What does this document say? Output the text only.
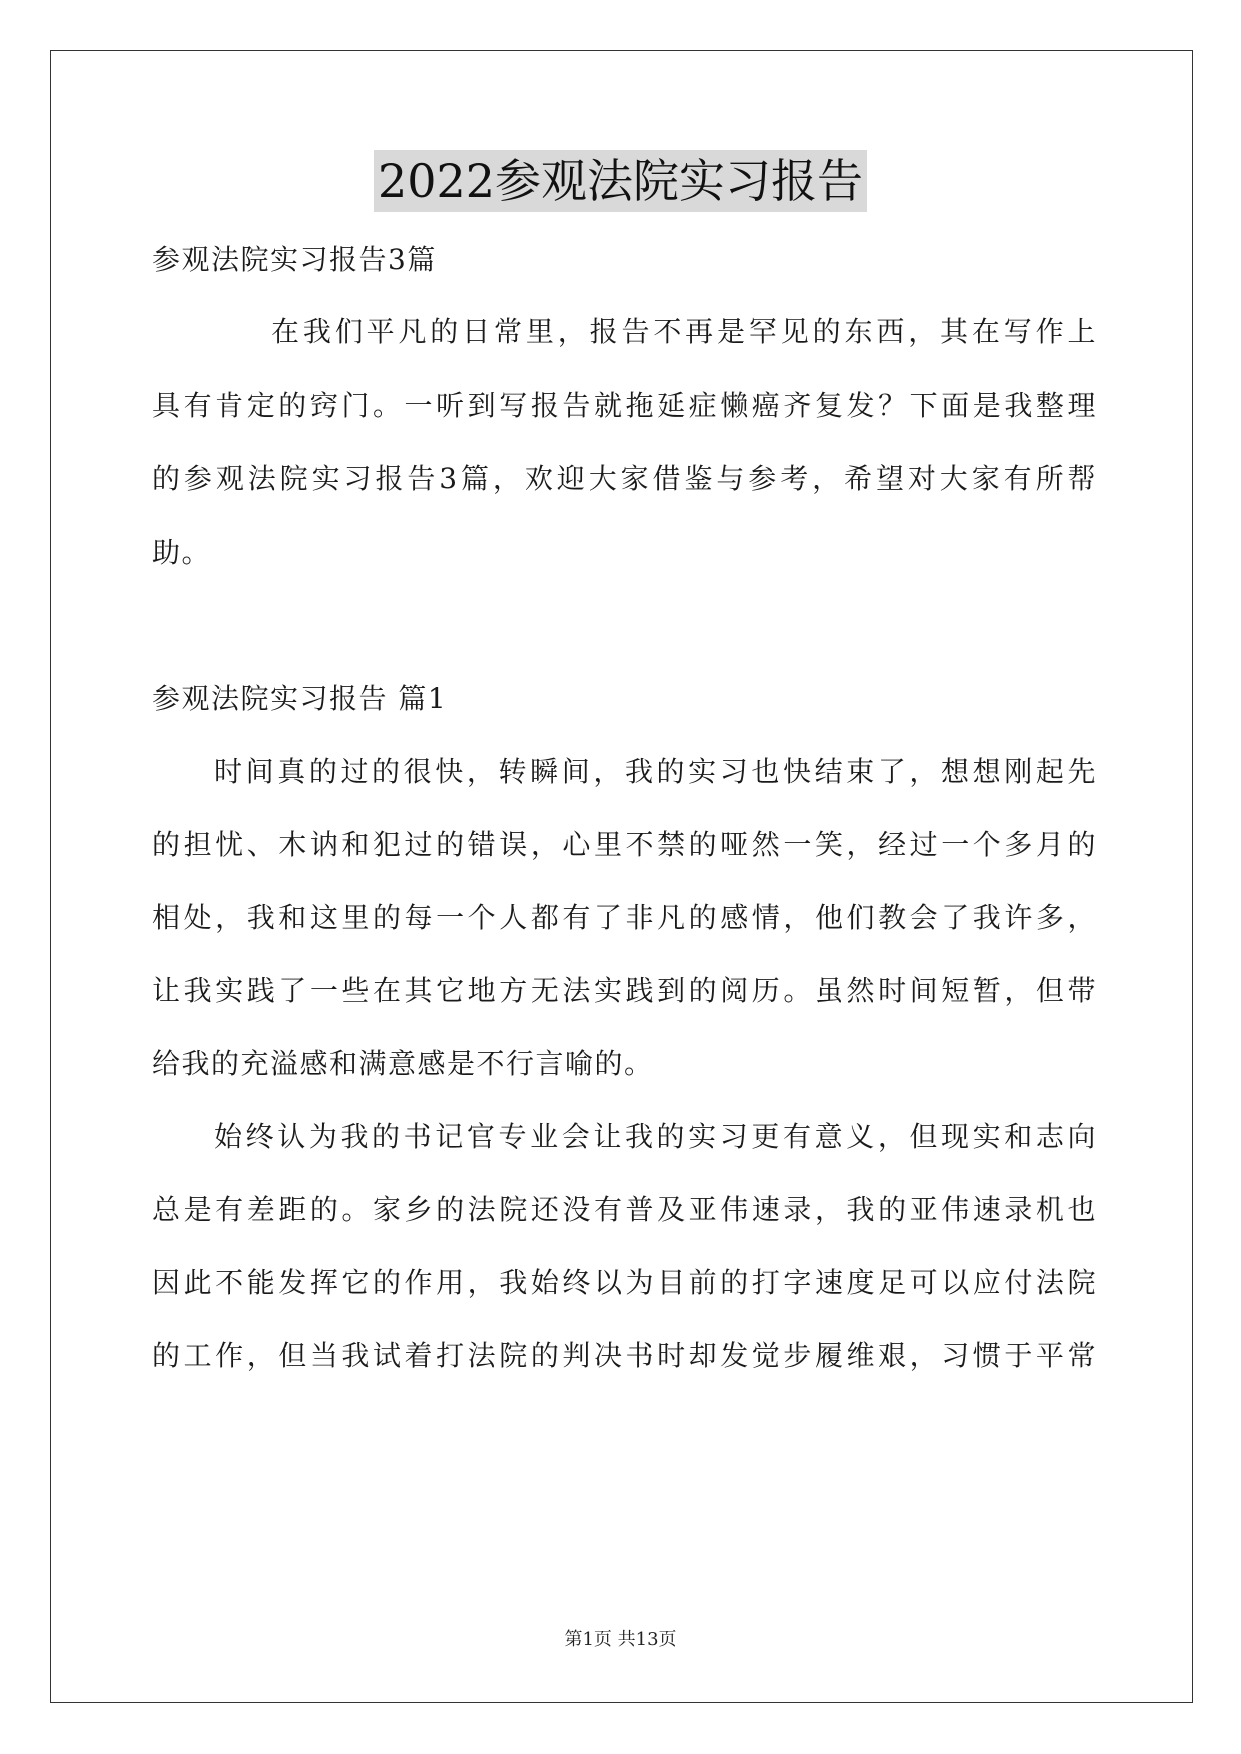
2022参观法院实习报告
参观法院实习报告3篇
在我们平凡的日常里，报告不再是罕见的东西，其在写作上
具有肯定的窍门。一听到写报告就拖延症懒癌齐复发？下面是我整理
的参观法院实习报告3篇，欢迎大家借鉴与参考，希望对大家有所帮
助。
参观法院实习报告 篇1
时间真的过的很快，转瞬间，我的实习也快结束了，想想刚起先
的担忧、木讷和犯过的错误，心里不禁的哑然一笑，经过一个多月的
相处，我和这里的每一个人都有了非凡的感情，他们教会了我许多，
让我实践了一些在其它地方无法实践到的阅历。虽然时间短暂，但带
给我的充溢感和满意感是不行言喻的。
始终认为我的书记官专业会让我的实习更有意义，但现实和志向
总是有差距的。家乡的法院还没有普及亚伟速录，我的亚伟速录机也
因此不能发挥它的作用，我始终以为目前的打字速度足可以应付法院
的工作，但当我试着打法院的判决书时却发觉步履维艰，习惯于平常
第1页 共13页
